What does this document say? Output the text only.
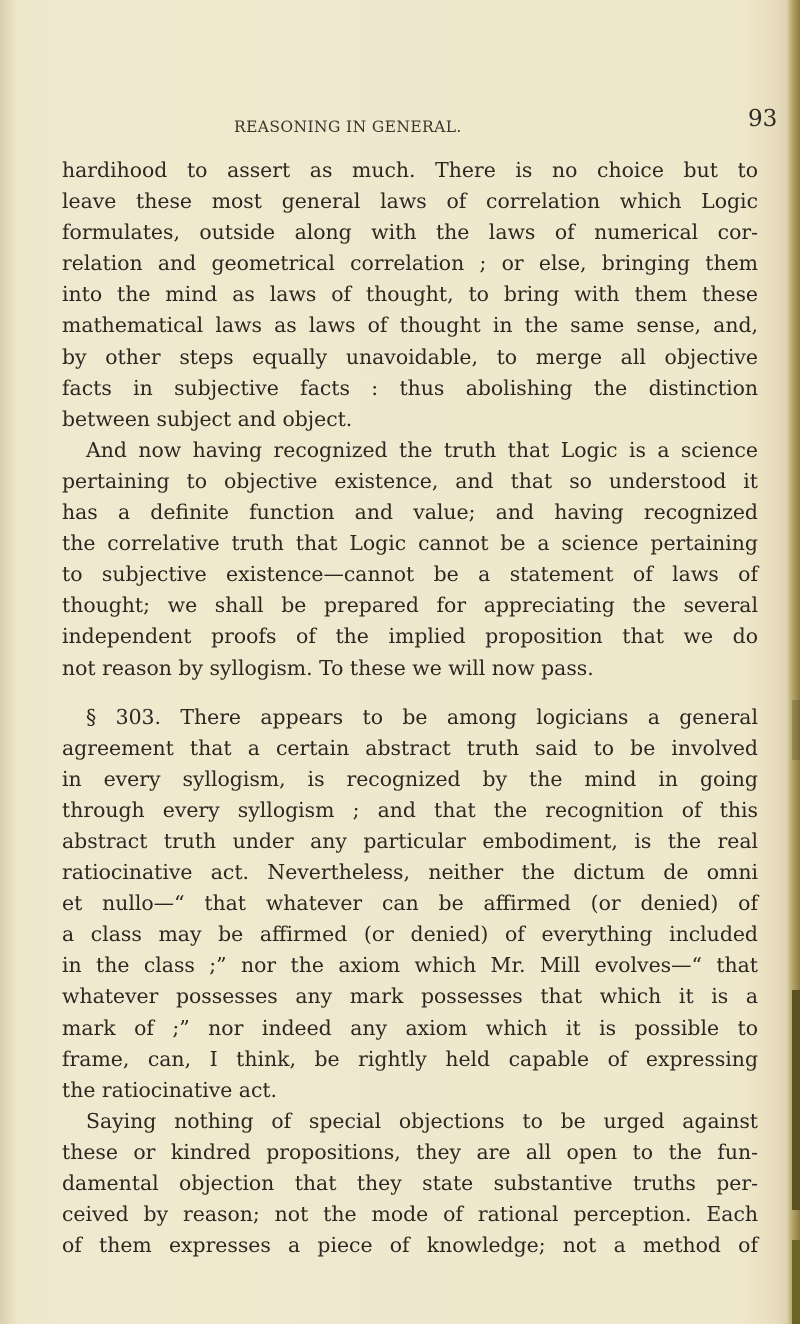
REASONING IN GENERAL.	93
hardihood to assert as much. There is no choice but to
leave these most general laws of correlation which Logic
formulates, outside along with the laws of numerical cor-
relation and geometrical correlation ; or else, bringing them
into the mind as laws of thought, to bring with them these
mathematical laws as laws of thought in the same sense, and,
by other steps equally unavoidable, to merge all objective
facts in subjective facts : thus abolishing the distinction
between subject and object.
And now having recognized the truth that Logic is a science
pertaining to objective existence, and that so understood it
has a definite function and value; and having recognized
the correlative truth that Logic cannot be a science pertaining
to subjective existence—cannot be a statement of laws of
thought; we shall be prepared for appreciating the several
independent proofs of the implied proposition that we do
not reason by syllogism. To these we will now pass.
§ 303. There appears to be among logicians a general
agreement that a certain abstract truth said to be involved
in every syllogism, is recognized by the mind in going
through every syllogism ; and that the recognition of this
abstract truth under any particular embodiment, is the real
ratiocinative act. Nevertheless, neither the dictum de omni
et nullo—“ that whatever can be affirmed (or denied) of
a class may be affirmed (or denied) of everything included
in the class ;” nor the axiom which Mr. Mill evolves—“ that
whatever possesses any mark possesses that which it is a
mark of ;” nor indeed any axiom which it is possible to
frame, can, I think, be rightly held capable of expressing
the ratiocinative act.
Saying nothing of special objections to be urged against
these or kindred propositions, they are all open to the fun-
damental objection that they state substantive truths per-
ceived by reason; not the mode of rational perception. Each
of them expresses a piece of knowledge; not a method of
